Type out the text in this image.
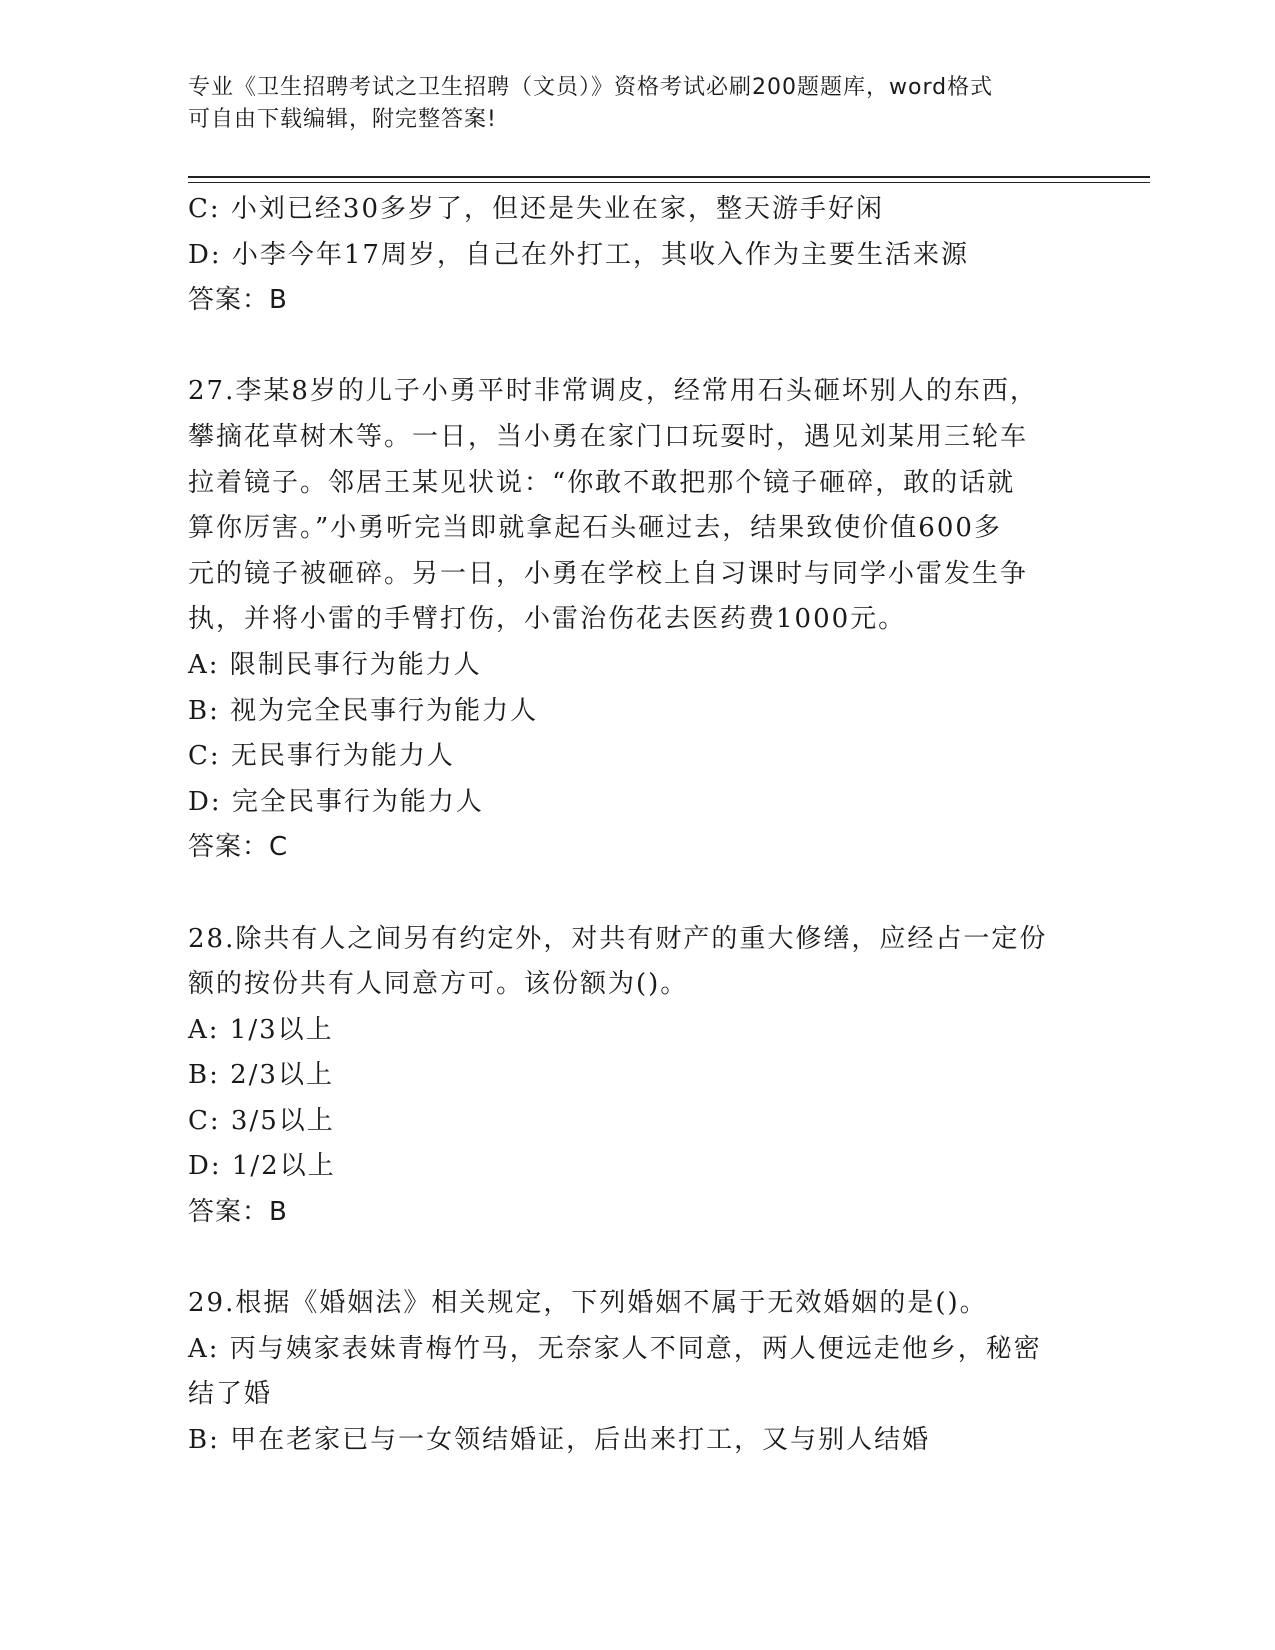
专业《卫生招聘考试之卫生招聘（文员）》资格考试必刷200题题库，word格式
可自由下载编辑，附完整答案!
C: 小刘已经30多岁了，但还是失业在家，整天游手好闲
D: 小李今年17周岁，自己在外打工，其收入作为主要生活来源
答案：B
27.李某8岁的儿子小勇平时非常调皮，经常用石头砸坏别人的东西，
攀摘花草树木等。一日，当小勇在家门口玩耍时，遇见刘某用三轮车
拉着镜子。邻居王某见状说：“你敢不敢把那个镜子砸碎，敢的话就
算你厉害。”小勇听完当即就拿起石头砸过去，结果致使价值600多
元的镜子被砸碎。另一日，小勇在学校上自习课时与同学小雷发生争
执，并将小雷的手臂打伤，小雷治伤花去医药费1000元。
A: 限制民事行为能力人
B: 视为完全民事行为能力人
C: 无民事行为能力人
D: 完全民事行为能力人
答案：C
28.除共有人之间另有约定外，对共有财产的重大修缮，应经占一定份
额的按份共有人同意方可。该份额为()。
A: 1/3以上
B: 2/3以上
C: 3/5以上
D: 1/2以上
答案：B
29.根据《婚姻法》相关规定，下列婚姻不属于无效婚姻的是()。
A: 丙与姨家表妹青梅竹马，无奈家人不同意，两人便远走他乡，秘密
结了婚
B: 甲在老家已与一女领结婚证，后出来打工，又与别人结婚
